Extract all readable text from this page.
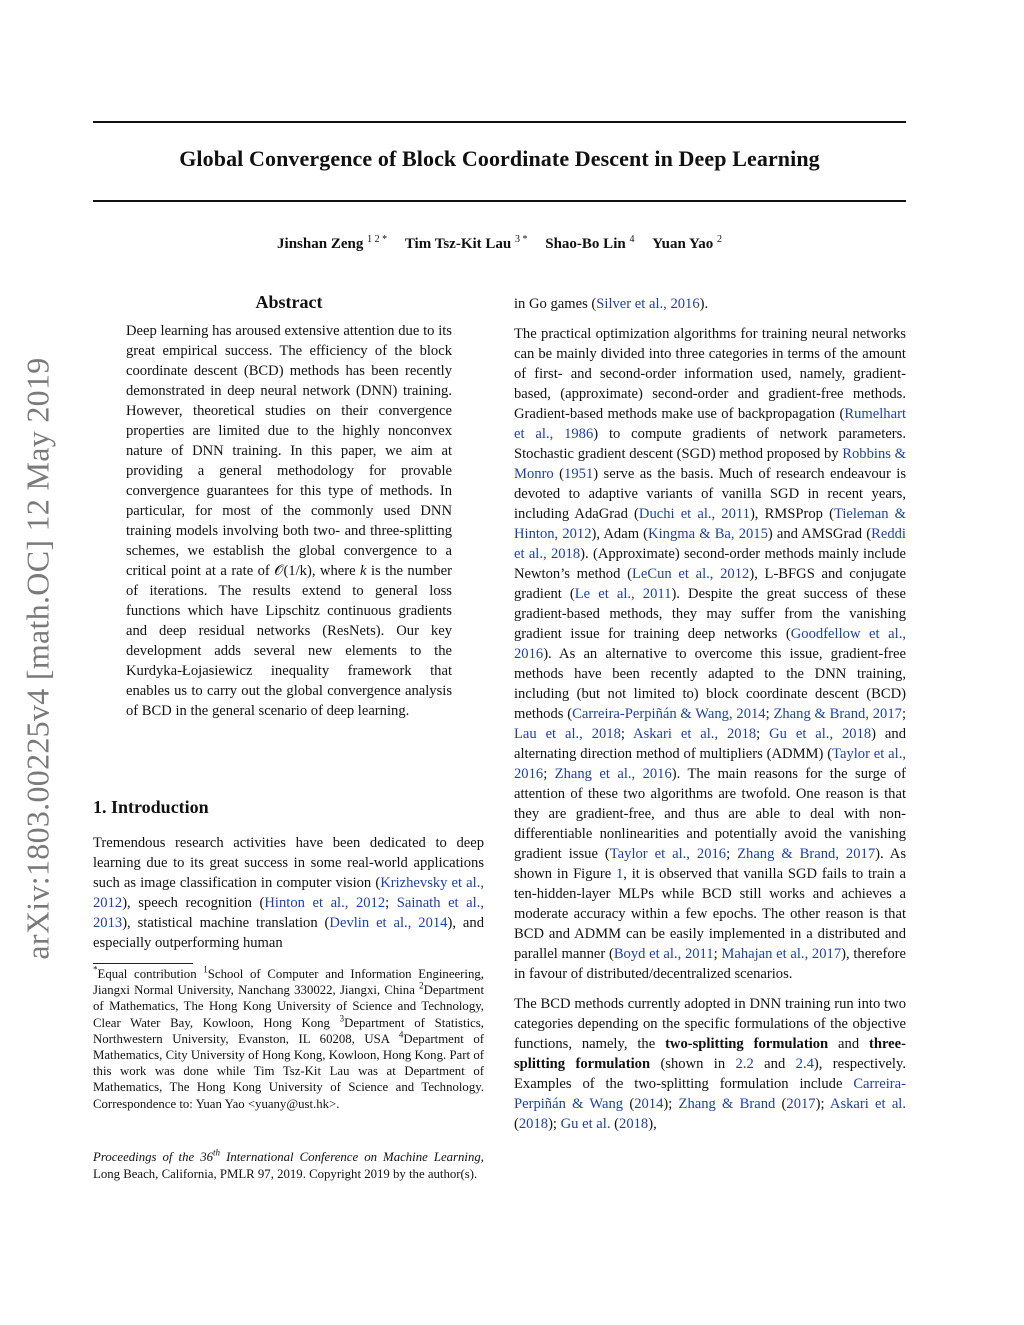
arXiv:1803.00225v4 [math.OC] 12 May 2019
Global Convergence of Block Coordinate Descent in Deep Learning
Jinshan Zeng $^{1 2 *}$ Tim Tsz-Kit Lau $^{3 *}$ Shao-Bo Lin $^4$ Yuan Yao $^2$
Abstract

Deep learning has aroused extensive attention due to its great empirical success. The efficiency of the block coordinate descent (BCD) methods has been recently demonstrated in deep neural network (DNN) training. However, theoretical studies on their convergence properties are limited due to the highly nonconvex nature of DNN training. In this paper, we aim at providing a general methodology for provable convergence guarantees for this type of methods. In particular, for most of the commonly used DNN training models involving both two- and three-splitting schemes, we establish the global convergence to a critical point at a rate of 𝒪(1/k), where k is the number of iterations. The results extend to general loss functions which have Lipschitz continuous gradients and deep residual networks (ResNets). Our key development adds several new elements to the Kurdyka-Łojasiewicz inequality framework that enables us to carry out the global convergence analysis of BCD in the general scenario of deep learning.

1. Introduction

Tremendous research activities have been dedicated to deep learning due to its great success in some real-world applications such as image classification in computer vision (Krizhevsky et al., 2012), speech recognition (Hinton et al., 2012; Sainath et al., 2013), statistical machine translation (Devlin et al., 2014), and especially outperforming human

*Equal contribution $^1$School of Computer and Information Engineering, Jiangxi Normal University, Nanchang 330022, Jiangxi, China $^2$Department of Mathematics, The Hong Kong University of Science and Technology, Clear Water Bay, Kowloon, Hong Kong $^3$Department of Statistics, Northwestern University, Evanston, IL 60208, USA $^4$Department of Mathematics, City University of Hong Kong, Kowloon, Hong Kong. Part of this work was done while Tim Tsz-Kit Lau was at Department of Mathematics, The Hong Kong University of Science and Technology. Correspondence to: Yuan Yao <yuany@ust.hk>.

Proceedings of the 36th International Conference on Machine Learning, Long Beach, California, PMLR 97, 2019. Copyright 2019 by the author(s).

in Go games (Silver et al., 2016).

The practical optimization algorithms for training neural networks can be mainly divided into three categories in terms of the amount of first- and second-order information used, namely, gradient-based, (approximate) second-order and gradient-free methods. Gradient-based methods make use of backpropagation (Rumelhart et al., 1986) to compute gradients of network parameters. Stochastic gradient descent (SGD) method proposed by Robbins & Monro (1951) serve as the basis. Much of research endeavour is devoted to adaptive variants of vanilla SGD in recent years, including AdaGrad (Duchi et al., 2011), RMSProp (Tieleman & Hinton, 2012), Adam (Kingma & Ba, 2015) and AMSGrad (Reddi et al., 2018). (Approximate) second-order methods mainly include Newton’s method (LeCun et al., 2012), L-BFGS and conjugate gradient (Le et al., 2011). Despite the great success of these gradient-based methods, they may suffer from the vanishing gradient issue for training deep networks (Goodfellow et al., 2016). As an alternative to overcome this issue, gradient-free methods have been recently adapted to the DNN training, including (but not limited to) block coordinate descent (BCD) methods (Carreira-Perpiñán & Wang, 2014; Zhang & Brand, 2017; Lau et al., 2018; Askari et al., 2018; Gu et al., 2018) and alternating direction method of multipliers (ADMM) (Taylor et al., 2016; Zhang et al., 2016). The main reasons for the surge of attention of these two algorithms are twofold. One reason is that they are gradient-free, and thus are able to deal with non-differentiable nonlinearities and potentially avoid the vanishing gradient issue (Taylor et al., 2016; Zhang & Brand, 2017). As shown in Figure 1, it is observed that vanilla SGD fails to train a ten-hidden-layer MLPs while BCD still works and achieves a moderate accuracy within a few epochs. The other reason is that BCD and ADMM can be easily implemented in a distributed and parallel manner (Boyd et al., 2011; Mahajan et al., 2017), therefore in favour of distributed/decentralized scenarios.

The BCD methods currently adopted in DNN training run into two categories depending on the specific formulations of the objective functions, namely, the two-splitting formulation and three-splitting formulation (shown in 2.2 and 2.4), respectively. Examples of the two-splitting formulation include Carreira-Perpiñán & Wang (2014); Zhang & Brand (2017); Askari et al. (2018); Gu et al. (2018),
